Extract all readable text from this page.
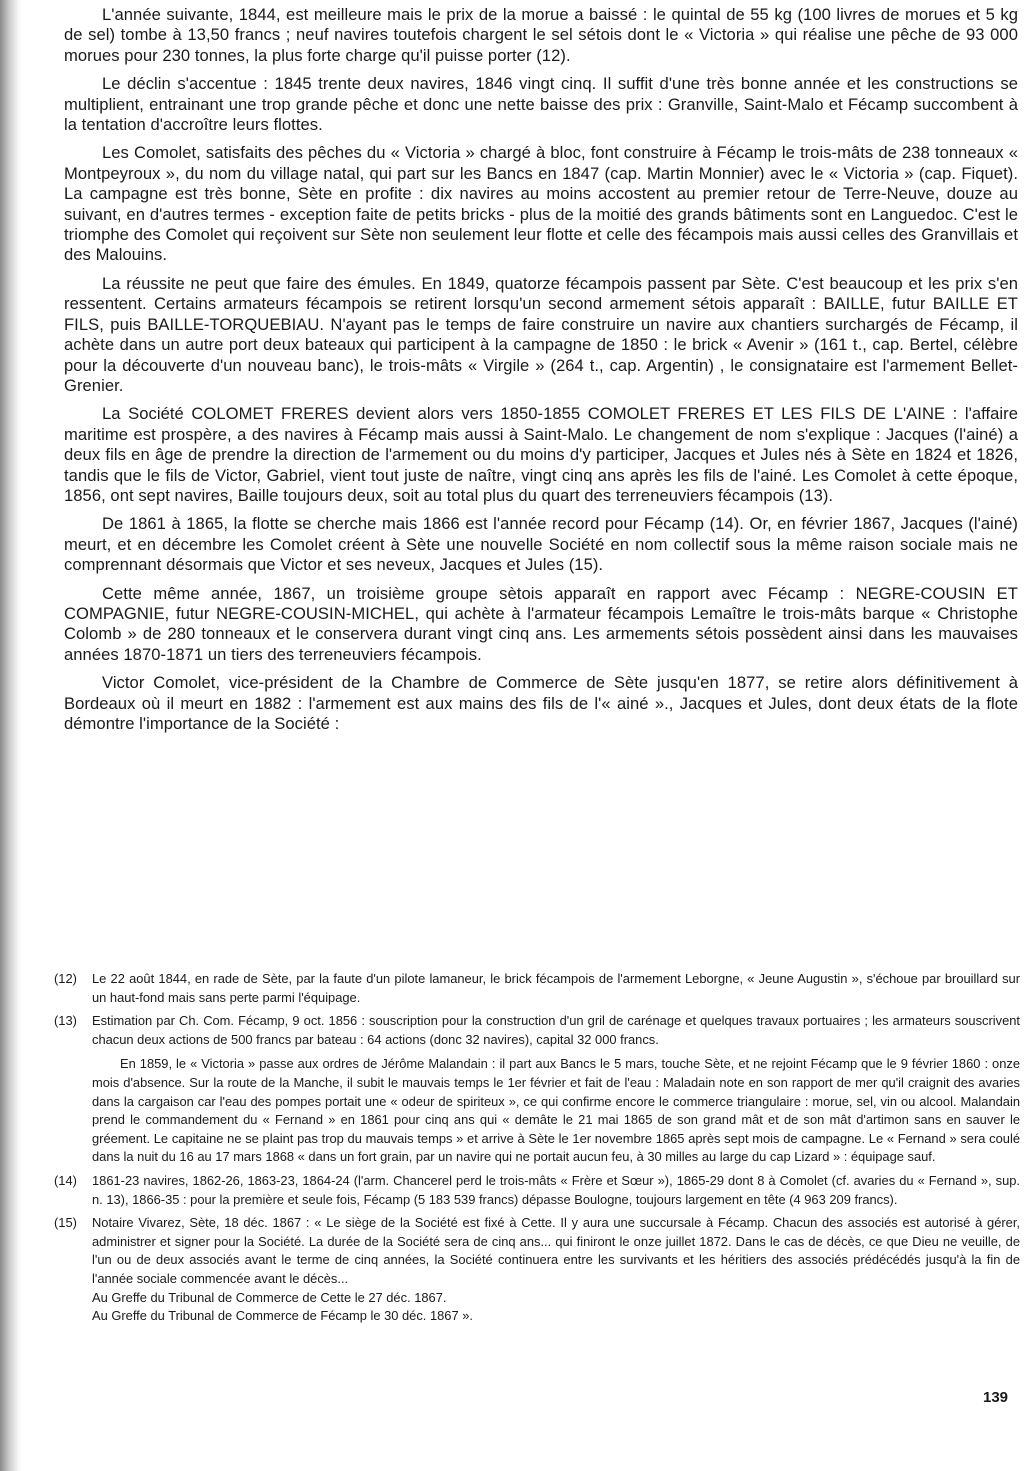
L'année suivante, 1844, est meilleure mais le prix de la morue a baissé : le quintal de 55 kg (100 livres de morues et 5 kg de sel) tombe à 13,50 francs ; neuf navires toutefois chargent le sel sétois dont le « Victoria » qui réalise une pêche de 93 000 morues pour 230 tonnes, la plus forte charge qu'il puisse porter (12).

Le déclin s'accentue : 1845 trente deux navires, 1846 vingt cinq. Il suffit d'une très bonne année et les constructions se multiplient, entrainant une trop grande pêche et donc une nette baisse des prix : Granville, Saint-Malo et Fécamp succombent à la tentation d'accroître leurs flottes.

Les Comolet, satisfaits des pêches du « Victoria » chargé à bloc, font construire à Fécamp le trois-mâts de 238 tonneaux « Montpeyroux », du nom du village natal, qui part sur les Bancs en 1847 (cap. Martin Monnier) avec le « Victoria » (cap. Fiquet). La campagne est très bonne, Sète en profite : dix navires au moins accostent au premier retour de Terre-Neuve, douze au suivant, en d'autres termes - exception faite de petits bricks - plus de la moitié des grands bâtiments sont en Languedoc. C'est le triomphe des Comolet qui reçoivent sur Sète non seulement leur flotte et celle des fécampois mais aussi celles des Granvillais et des Malouins.

La réussite ne peut que faire des émules. En 1849, quatorze fécampois passent par Sète. C'est beaucoup et les prix s'en ressentent. Certains armateurs fécampois se retirent lorsqu'un second armement sétois apparaît : BAILLE, futur BAILLE ET FILS, puis BAILLE-TORQUEBIAU. N'ayant pas le temps de faire construire un navire aux chantiers surchargés de Fécamp, il achète dans un autre port deux bateaux qui participent à la campagne de 1850 : le brick « Avenir » (161 t., cap. Bertel, célèbre pour la découverte d'un nouveau banc), le trois-mâts « Virgile » (264 t., cap. Argentin) , le consignataire est l'armement Bellet-Grenier.

La Société COLOMET FRERES devient alors vers 1850-1855 COMOLET FRERES ET LES FILS DE L'AINE : l'affaire maritime est prospère, a des navires à Fécamp mais aussi à Saint-Malo. Le changement de nom s'explique : Jacques (l'ainé) a deux fils en âge de prendre la direction de l'armement ou du moins d'y participer, Jacques et Jules nés à Sète en 1824 et 1826, tandis que le fils de Victor, Gabriel, vient tout juste de naître, vingt cinq ans après les fils de l'ainé. Les Comolet à cette époque, 1856, ont sept navires, Baille toujours deux, soit au total plus du quart des terreneuviers fécampois (13).

De 1861 à 1865, la flotte se cherche mais 1866 est l'année record pour Fécamp (14). Or, en février 1867, Jacques (l'ainé) meurt, et en décembre les Comolet créent à Sète une nouvelle Société en nom collectif sous la même raison sociale mais ne comprennant désormais que Victor et ses neveux, Jacques et Jules (15).

Cette même année, 1867, un troisième groupe sètois apparaît en rapport avec Fécamp : NEGRE-COUSIN ET COMPAGNIE, futur NEGRE-COUSIN-MICHEL, qui achète à l'armateur fécampois Lemaître le trois-mâts barque « Christophe Colomb » de 280 tonneaux et le conservera durant vingt cinq ans. Les armements sétois possèdent ainsi dans les mauvaises années 1870-1871 un tiers des terreneuviers fécampois.

Victor Comolet, vice-président de la Chambre de Commerce de Sète jusqu'en 1877, se retire alors définitivement à Bordeaux où il meurt en 1882 : l'armement est aux mains des fils de l'« ainé »., Jacques et Jules, dont deux états de la flote démontre l'importance de la Société :

(12)	Le 22 août 1844, en rade de Sète, par la faute d'un pilote lamaneur, le brick fécampois de l'armement Leborgne, « Jeune Augustin », s'échoue par brouillard sur un haut-fond mais sans perte parmi l'équipage.

(13)	Estimation par Ch. Com. Fécamp, 9 oct. 1856 : souscription pour la construction d'un gril de carénage et quelques travaux portuaires ; les armateurs souscrivent chacun deux actions de 500 francs par bateau : 64 actions (donc 32 navires), capital 32 000 francs.

En 1859, le « Victoria » passe aux ordres de Jérôme Malandain : il part aux Bancs le 5 mars, touche Sète, et ne rejoint Fécamp que le 9 février 1860 : onze mois d'absence. Sur la route de la Manche, il subit le mauvais temps le 1er février et fait de l'eau : Maladain note en son rapport de mer qu'il craignit des avaries dans la cargaison car l'eau des pompes portait une « odeur de spiriteux », ce qui confirme encore le commerce triangulaire : morue, sel, vin ou alcool. Malandain prend le commandement du « Fernand » en 1861 pour cinq ans qui « demâte le 21 mai 1865 de son grand mât et de son mât d'artimon sans en sauver le gréement. Le capitaine ne se plaint pas trop du mauvais temps » et arrive à Sète le 1er novembre 1865 après sept mois de campagne. Le « Fernand » sera coulé dans la nuit du 16 au 17 mars 1868 « dans un fort grain, par un navire qui ne portait aucun feu, à 30 milles au large du cap Lizard » : équipage sauf.

(14)	1861-23 navires, 1862-26, 1863-23, 1864-24 (l'arm. Chancerel perd le trois-mâts « Frère et Sœur »), 1865-29 dont 8 à Comolet (cf. avaries du « Fernand », sup. n. 13), 1866-35 : pour la première et seule fois, Fécamp (5 183 539 francs) dépasse Boulogne, toujours largement en tête (4 963 209 francs).

(15)	Notaire Vivarez, Sète, 18 déc. 1867 : « Le siège de la Société est fixé à Cette. Il y aura une succursale à Fécamp. Chacun des associés est autorisé à gérer, administrer et signer pour la Société. La durée de la Société sera de cinq ans... qui finiront le onze juillet 1872. Dans le cas de décès, ce que Dieu ne veuille, de l'un ou de deux associés avant le terme de cinq années, la Société continuera entre les survivants et les héritiers des associés prédécédés jusqu'à la fin de l'année sociale commencée avant le décès...

Au Greffe du Tribunal de Commerce de Cette le 27 déc. 1867.

Au Greffe du Tribunal de Commerce de Fécamp le 30 déc. 1867 ».

139
